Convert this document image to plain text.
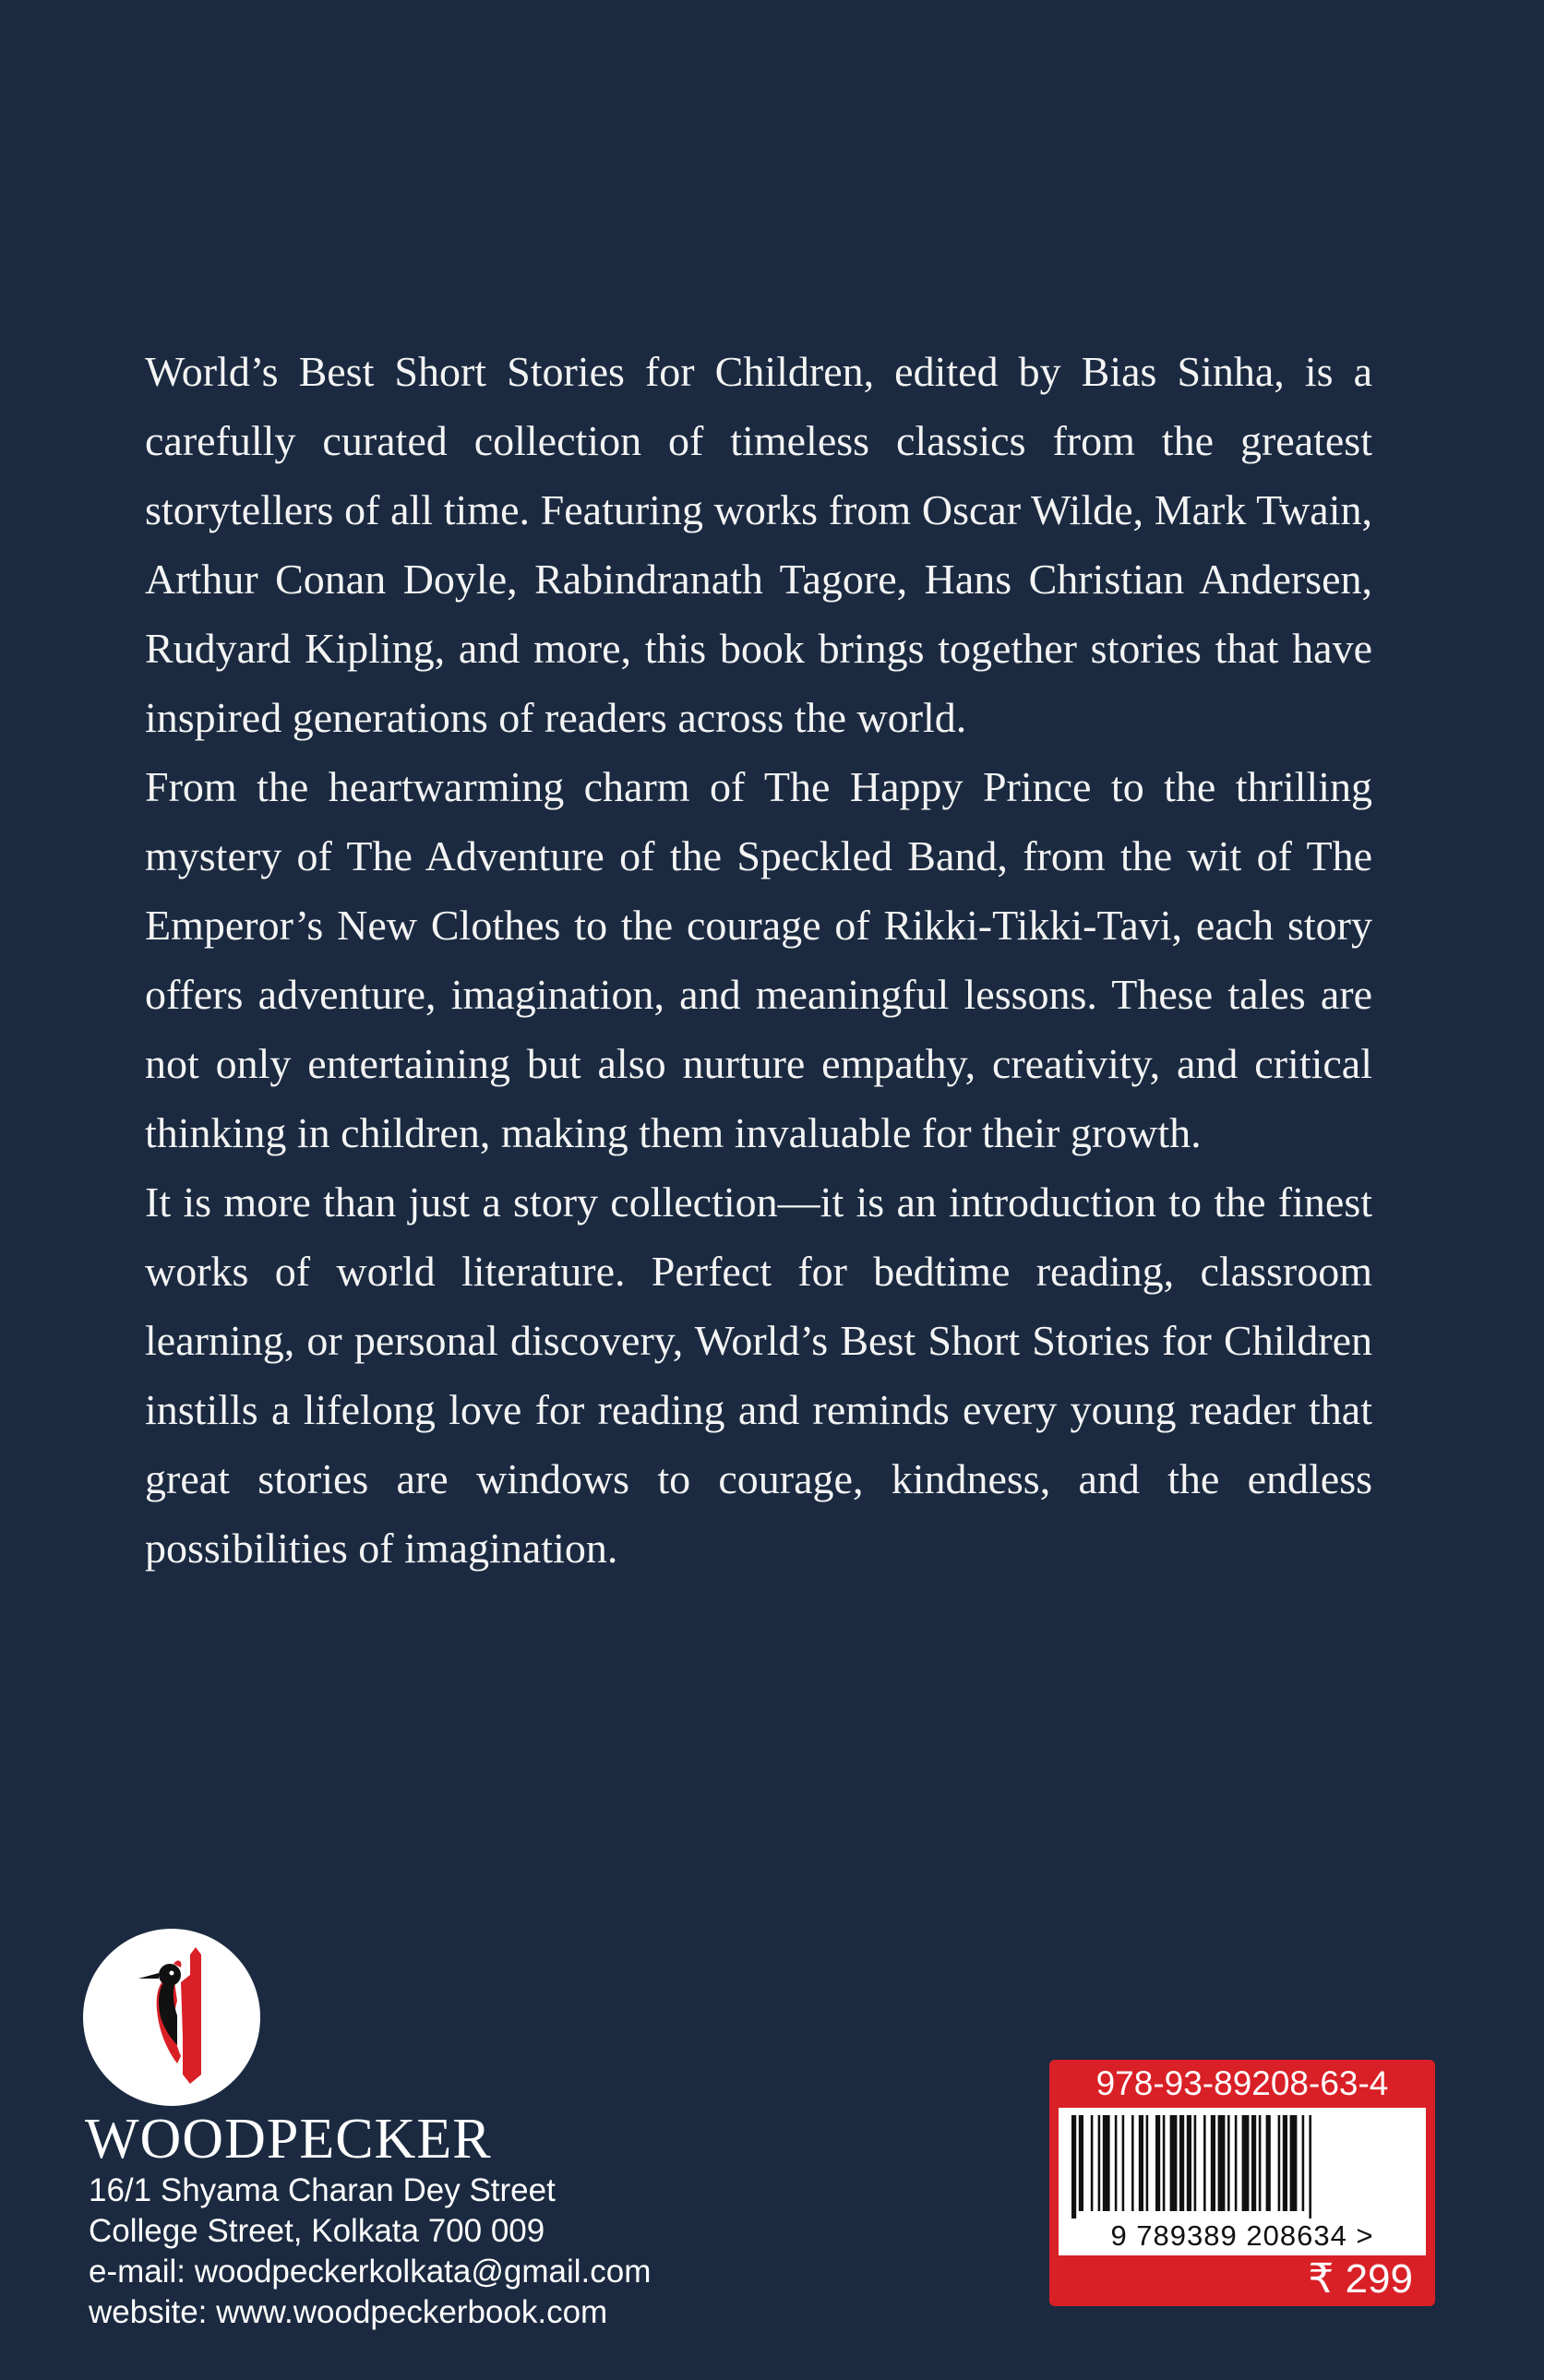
World’s Best Short Stories for Children, edited by Bias Sinha, is a carefully curated collection of timeless classics from the greatest storytellers of all time. Featuring works from Oscar Wilde, Mark Twain, Arthur Conan Doyle, Rabindranath Tagore, Hans Christian Andersen, Rudyard Kipling, and more, this book brings together stories that have inspired generations of readers across the world.

From the heartwarming charm of The Happy Prince to the thrilling mystery of The Adventure of the Speckled Band, from the wit of The Emperor’s New Clothes to the courage of Rikki-Tikki-Tavi, each story offers adventure, imagination, and meaningful lessons. These tales are not only entertaining but also nurture empathy, creativity, and critical thinking in children, making them invaluable for their growth.

It is more than just a story collection—it is an introduction to the finest works of world literature. Perfect for bedtime reading, classroom learning, or personal discovery, World’s Best Short Stories for Children instills a lifelong love for reading and reminds every young reader that great stories are windows to courage, kindness, and the endless possibilities of imagination.

WOODPECKER
16/1 Shyama Charan Dey Street
College Street, Kolkata 700 009
e-mail: woodpeckerkolkata@gmail.com
website: www.woodpeckerbook.com
978-93-89208-63-4
9 789389 208634 >
₹ 299
